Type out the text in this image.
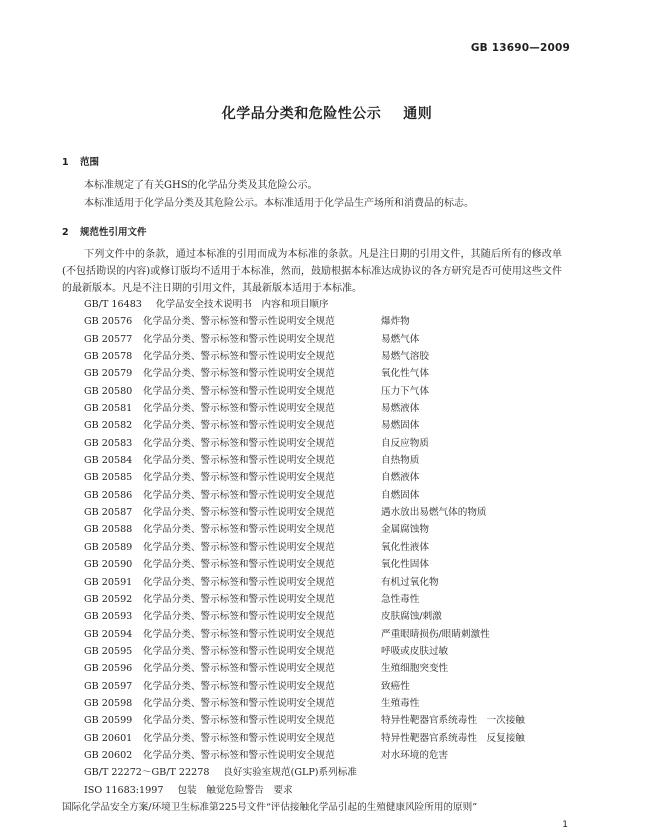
GB 13690—2009
化学品分类和危险性公示 通则
1 范围
本标准规定了有关GHS的化学品分类及其危险公示。
本标准适用于化学品分类及其危险公示。本标准适用于化学品生产场所和消费品的标志。
2 规范性引用文件
下列文件中的条款，通过本标准的引用而成为本标准的条款。凡是注日期的引用文件，其随后所有的修改单(不包括勘误的内容)或修订版均不适用于本标准，然而，鼓励根据本标准达成协议的各方研究是否可使用这些文件的最新版本。凡是不注日期的引用文件，其最新版本适用于本标准。
GB/T 16483 化学品安全技术说明书　内容和项目顺序
GB 20576 化学品分类、警示标签和警示性说明安全规范	爆炸物
GB 20577 化学品分类、警示标签和警示性说明安全规范	易燃气体
GB 20578 化学品分类、警示标签和警示性说明安全规范	易燃气溶胶
GB 20579 化学品分类、警示标签和警示性说明安全规范	氧化性气体
GB 20580 化学品分类、警示标签和警示性说明安全规范	压力下气体
GB 20581 化学品分类、警示标签和警示性说明安全规范	易燃液体
GB 20582 化学品分类、警示标签和警示性说明安全规范	易燃固体
GB 20583 化学品分类、警示标签和警示性说明安全规范	自反应物质
GB 20584 化学品分类、警示标签和警示性说明安全规范	自热物质
GB 20585 化学品分类、警示标签和警示性说明安全规范	自燃液体
GB 20586 化学品分类、警示标签和警示性说明安全规范	自燃固体
GB 20587 化学品分类、警示标签和警示性说明安全规范	遇水放出易燃气体的物质
GB 20588 化学品分类、警示标签和警示性说明安全规范	金属腐蚀物
GB 20589 化学品分类、警示标签和警示性说明安全规范	氧化性液体
GB 20590 化学品分类、警示标签和警示性说明安全规范	氧化性固体
GB 20591 化学品分类、警示标签和警示性说明安全规范	有机过氧化物
GB 20592 化学品分类、警示标签和警示性说明安全规范	急性毒性
GB 20593 化学品分类、警示标签和警示性说明安全规范	皮肤腐蚀/刺激
GB 20594 化学品分类、警示标签和警示性说明安全规范	严重眼睛损伤/眼睛刺激性
GB 20595 化学品分类、警示标签和警示性说明安全规范	呼吸或皮肤过敏
GB 20596 化学品分类、警示标签和警示性说明安全规范	生殖细胞突变性
GB 20597 化学品分类、警示标签和警示性说明安全规范	致癌性
GB 20598 化学品分类、警示标签和警示性说明安全规范	生殖毒性
GB 20599 化学品分类、警示标签和警示性说明安全规范	特异性靶器官系统毒性　一次接触
GB 20601 化学品分类、警示标签和警示性说明安全规范	特异性靶器官系统毒性　反复接触
GB 20602 化学品分类、警示标签和警示性说明安全规范	对水环境的危害
GB/T 22272～GB/T 22278 良好实验室规范(GLP)系列标准
ISO 11683:1997 包装　触觉危险警告　要求
国际化学品安全方案/环境卫生标准第225号文件“评估接触化学品引起的生殖健康风险所用的原则”
1
